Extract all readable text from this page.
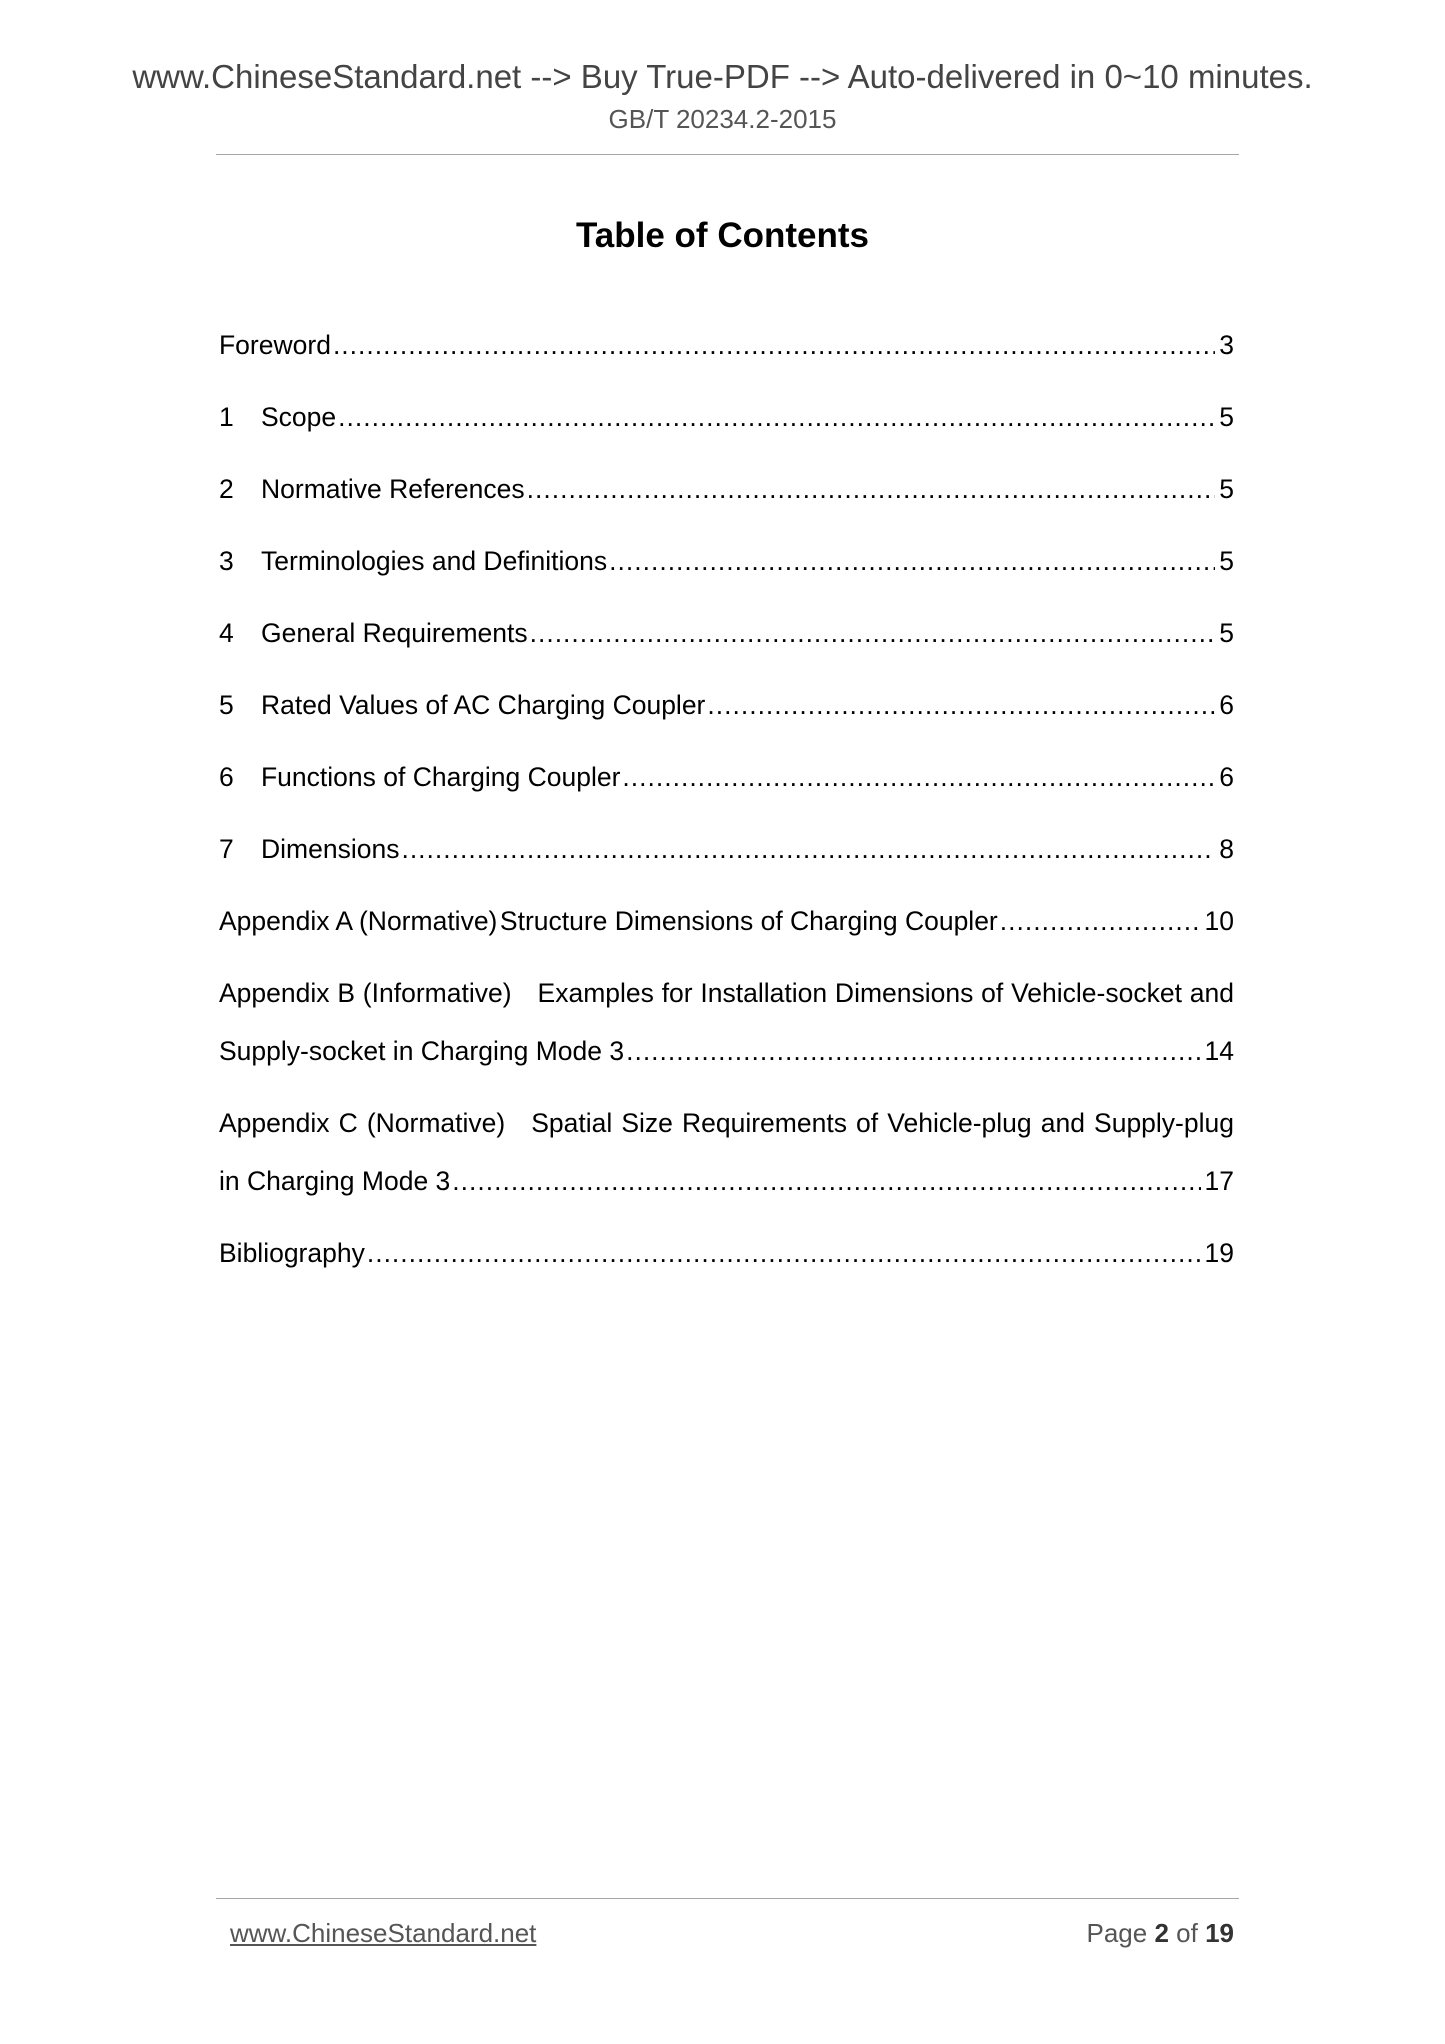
www.ChineseStandard.net --> Buy True-PDF --> Auto-delivered in 0~10 minutes.
GB/T 20234.2-2015
Table of Contents
Foreword .....	3
1	Scope .....	5
2	Normative References .....	5
3	Terminologies and Definitions .....	5
4	General Requirements .....	5
5	Rated Values of AC Charging Coupler .....	6
6	Functions of Charging Coupler .....	6
7	Dimensions .....	8
Appendix A (Normative) Structure Dimensions of Charging Coupler .....	10
Appendix B (Informative) Examples for Installation Dimensions of Vehicle-socket and
Supply-socket in Charging Mode 3 .....	14
Appendix C (Normative) Spatial Size Requirements of Vehicle-plug and Supply-plug
in Charging Mode 3 .....	17
Bibliography .....	19
www.ChineseStandard.net	Page 2 of 19
